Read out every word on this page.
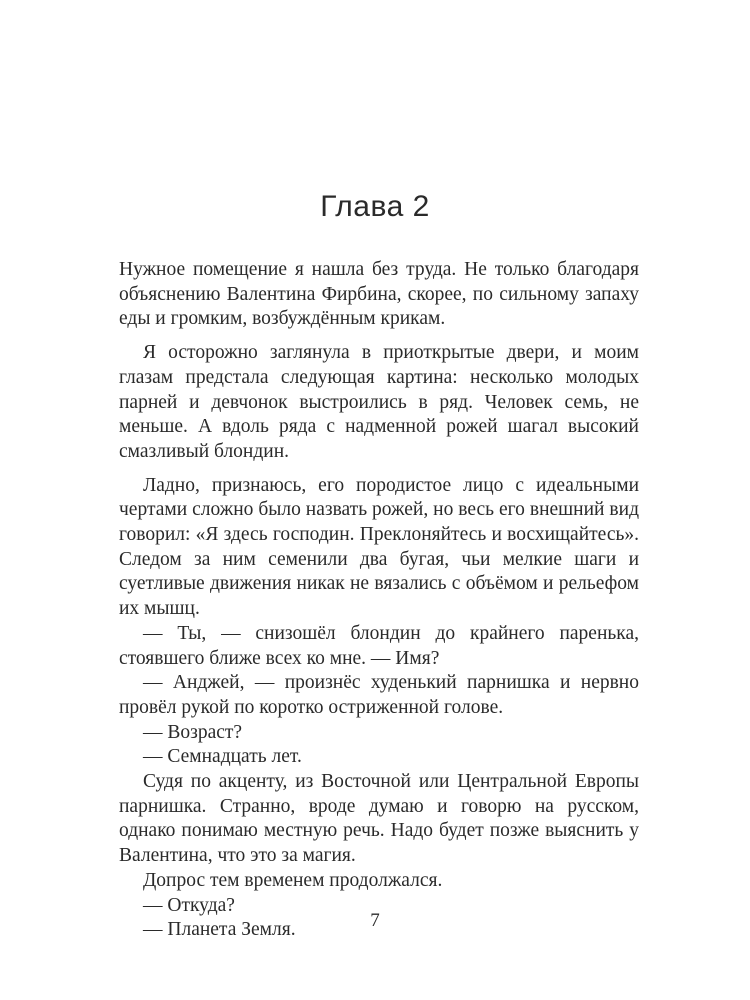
Глава 2

Нужное помещение я нашла без труда. Не только благодаря объяснению Валентина Фирбина, скорее, по сильному запаху еды и громким, возбуждённым крикам.

Я осторожно заглянула в приоткрытые двери, и моим глазам предстала следующая картина: несколько молодых парней и девчонок выстроились в ряд. Человек семь, не меньше. А вдоль ряда с надменной рожей шагал высокий смазливый блондин.

Ладно, признаюсь, его породистое лицо с идеальными чертами сложно было назвать рожей, но весь его внешний вид говорил: «Я здесь господин. Преклоняйтесь и восхищайтесь». Следом за ним семенили два бугая, чьи мелкие шаги и суетливые движения никак не вязались с объёмом и рельефом их мышц.

— Ты, — снизошёл блондин до крайнего паренька, стоявшего ближе всех ко мне. — Имя?

— Анджей, — произнёс худенький парнишка и нервно провёл рукой по коротко остриженной голове.

— Возраст?

— Семнадцать лет.

Судя по акценту, из Восточной или Центральной Европы парнишка. Странно, вроде думаю и говорю на русском, однако понимаю местную речь. Надо будет позже выяснить у Валентина, что это за магия.

Допрос тем временем продолжался.

— Откуда?

— Планета Земля.	7
